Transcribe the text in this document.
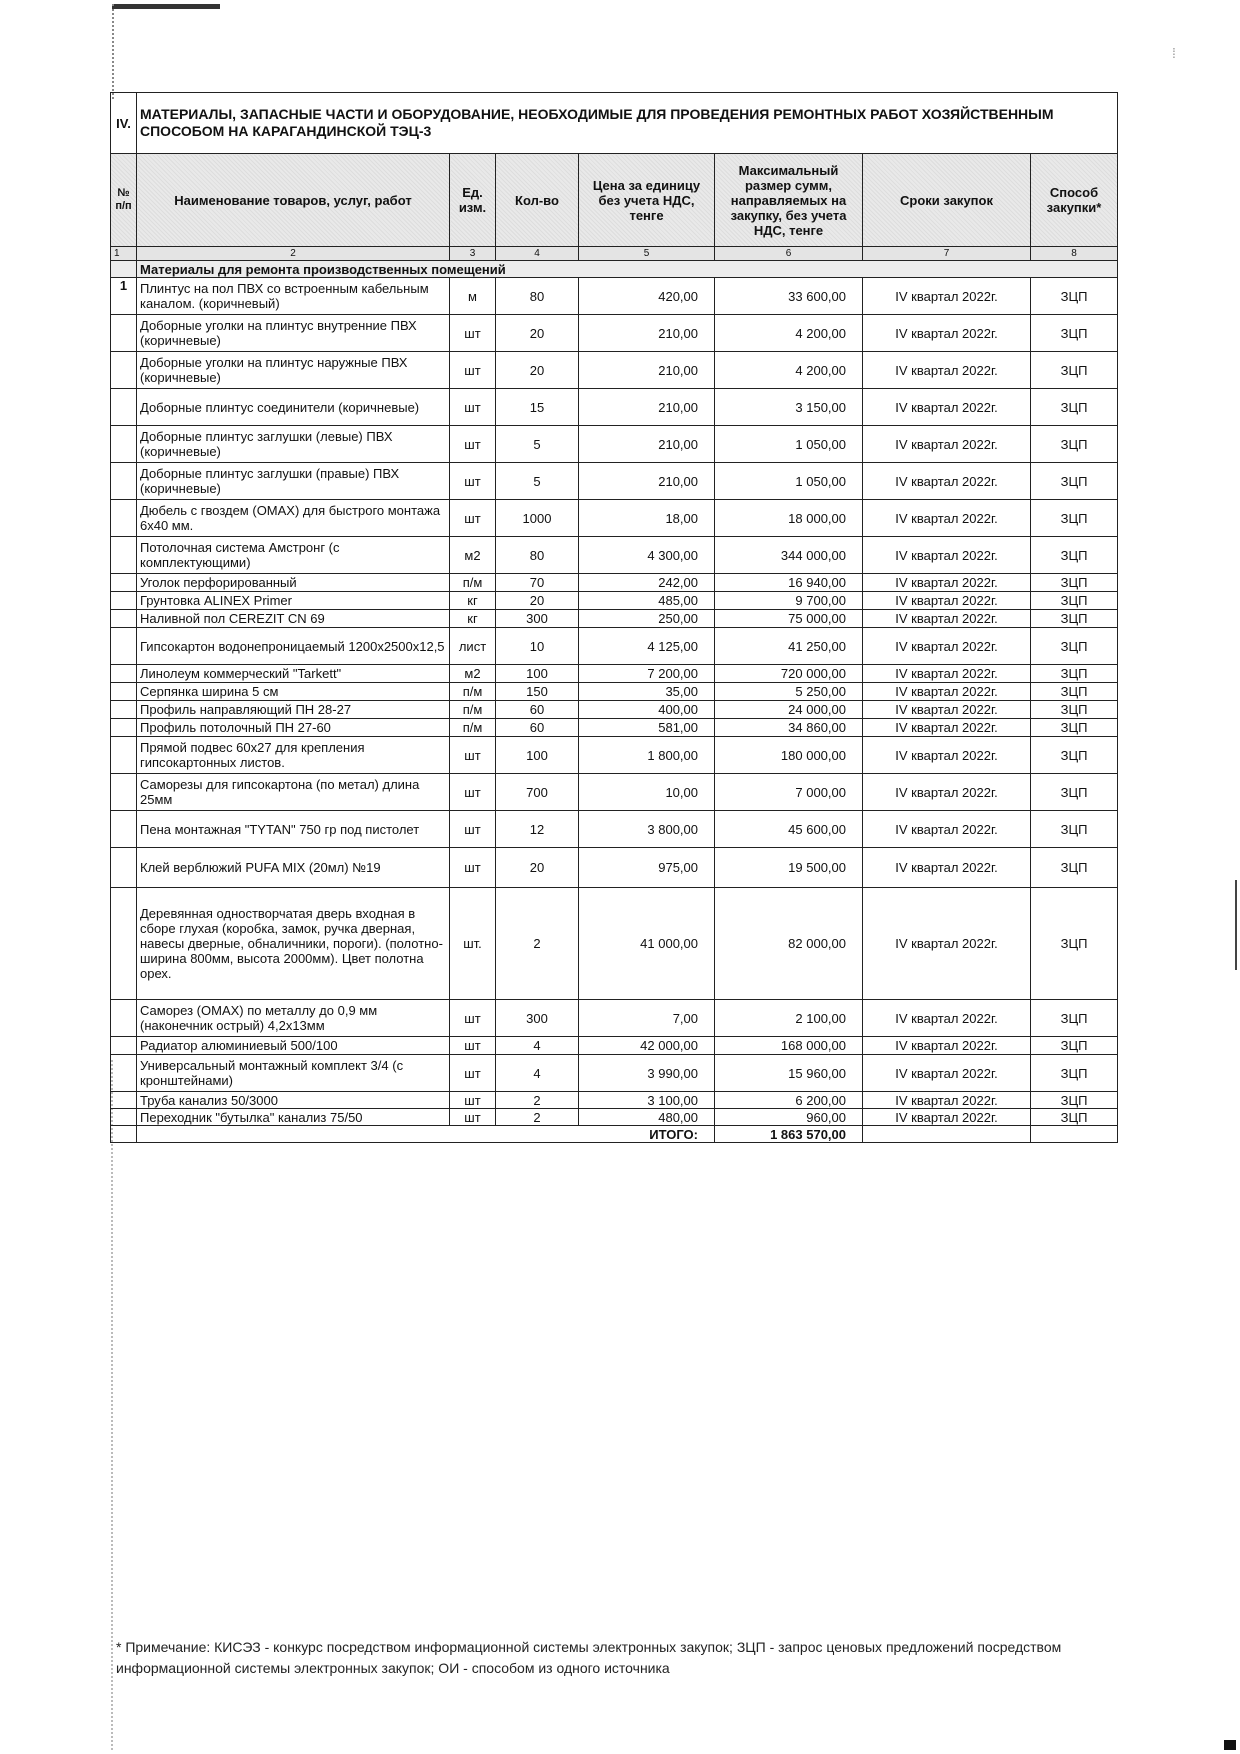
⁞
IV.	МАТЕРИАЛЫ, ЗАПАСНЫЕ ЧАСТИ И ОБОРУДОВАНИЕ, НЕОБХОДИМЫЕ ДЛЯ ПРОВЕДЕНИЯ РЕМОНТНЫХ РАБОТ ХОЗЯЙСТВЕННЫМ СПОСОБОМ НА КАРАГАНДИНСКОЙ ТЭЦ-3						
№ п/п	Наименование товаров, услуг, работ	Ед. изм.	Кол-во	Цена за единицу без учета НДС, тенге	Максимальный размер сумм, направляемых на закупку, без учета НДС, тенге	Сроки закупок	Способ закупки*
1	2	3	4	5	6	7	8
	Материалы для ремонта производственных помещений						
1	Плинтус на пол ПВХ со встроенным кабельным каналом. (коричневый)	м	80	420,00	33 600,00	IV квартал 2022г.	ЗЦП
	Доборные уголки на плинтус внутренние ПВХ (коричневые)	шт	20	210,00	4 200,00	IV квартал 2022г.	ЗЦП
	Доборные уголки на плинтус наружные ПВХ (коричневые)	шт	20	210,00	4 200,00	IV квартал 2022г.	ЗЦП
	Доборные плинтус соединители (коричневые)	шт	15	210,00	3 150,00	IV квартал 2022г.	ЗЦП
	Доборные плинтус заглушки (левые) ПВХ (коричневые)	шт	5	210,00	1 050,00	IV квартал 2022г.	ЗЦП
	Доборные плинтус заглушки (правые) ПВХ (коричневые)	шт	5	210,00	1 050,00	IV квартал 2022г.	ЗЦП
	Дюбель с гвоздем (OMAX) для быстрого монтажа 6х40 мм.	шт	1000	18,00	18 000,00	IV квартал 2022г.	ЗЦП
	Потолочная система Амстронг (с комплектующими)	м2	80	4 300,00	344 000,00	IV квартал 2022г.	ЗЦП
	Уголок перфорированный	п/м	70	242,00	16 940,00	IV квартал 2022г.	ЗЦП
	Грунтовка ALINEX Primer	кг	20	485,00	9 700,00	IV квартал 2022г.	ЗЦП
	Наливной пол CEREZIT CN 69	кг	300	250,00	75 000,00	IV квартал 2022г.	ЗЦП
	Гипсокартон водонепроницаемый 1200х2500х12,5	лист	10	4 125,00	41 250,00	IV квартал 2022г.	ЗЦП
	Линолеум коммерческий "Tarkett"	м2	100	7 200,00	720 000,00	IV квартал 2022г.	ЗЦП
	Серпянка ширина 5 см	п/м	150	35,00	5 250,00	IV квартал 2022г.	ЗЦП
	Профиль направляющий ПН 28-27	п/м	60	400,00	24 000,00	IV квартал 2022г.	ЗЦП
	Профиль потолочный ПН 27-60	п/м	60	581,00	34 860,00	IV квартал 2022г.	ЗЦП
	Прямой подвес 60х27 для крепления гипсокартонных листов.	шт	100	1 800,00	180 000,00	IV квартал 2022г.	ЗЦП
	Саморезы для гипсокартона (по метал) длина 25мм	шт	700	10,00	7 000,00	IV квартал 2022г.	ЗЦП
	Пена монтажная "TYTAN" 750 гр под пистолет	шт	12	3 800,00	45 600,00	IV квартал 2022г.	ЗЦП
	Клей верблюжий PUFA MIX (20мл) №19	шт	20	975,00	19 500,00	IV квартал 2022г.	ЗЦП
	Деревянная одностворчатая дверь входная в сборе глухая (коробка, замок, ручка дверная, навесы дверные, обналичники, пороги). (полотно- ширина 800мм, высота 2000мм). Цвет полотна орех.	шт.	2	41 000,00	82 000,00	IV квартал 2022г.	ЗЦП
	Саморез (OMAX) по металлу до 0,9 мм (наконечник острый) 4,2х13мм	шт	300	7,00	2 100,00	IV квартал 2022г.	ЗЦП
	Радиатор алюминиевый 500/100	шт	4	42 000,00	168 000,00	IV квартал 2022г.	ЗЦП
	Универсальный монтажный комплект 3/4 (с кронштейнами)	шт	4	3 990,00	15 960,00	IV квартал 2022г.	ЗЦП
	Труба канализ 50/3000	шт	2	3 100,00	6 200,00	IV квартал 2022г.	ЗЦП
	Переходник "бутылка" канализ 75/50	шт	2	480,00	960,00	IV квартал 2022г.	ЗЦП
	ИТОГО:				1 863 570,00		
* Примечание: КИСЭЗ - конкурс посредством информационной системы электронных закупок; ЗЦП - запрос ценовых предложений посредством информационной системы электронных закупок; ОИ - способом из одного источника
